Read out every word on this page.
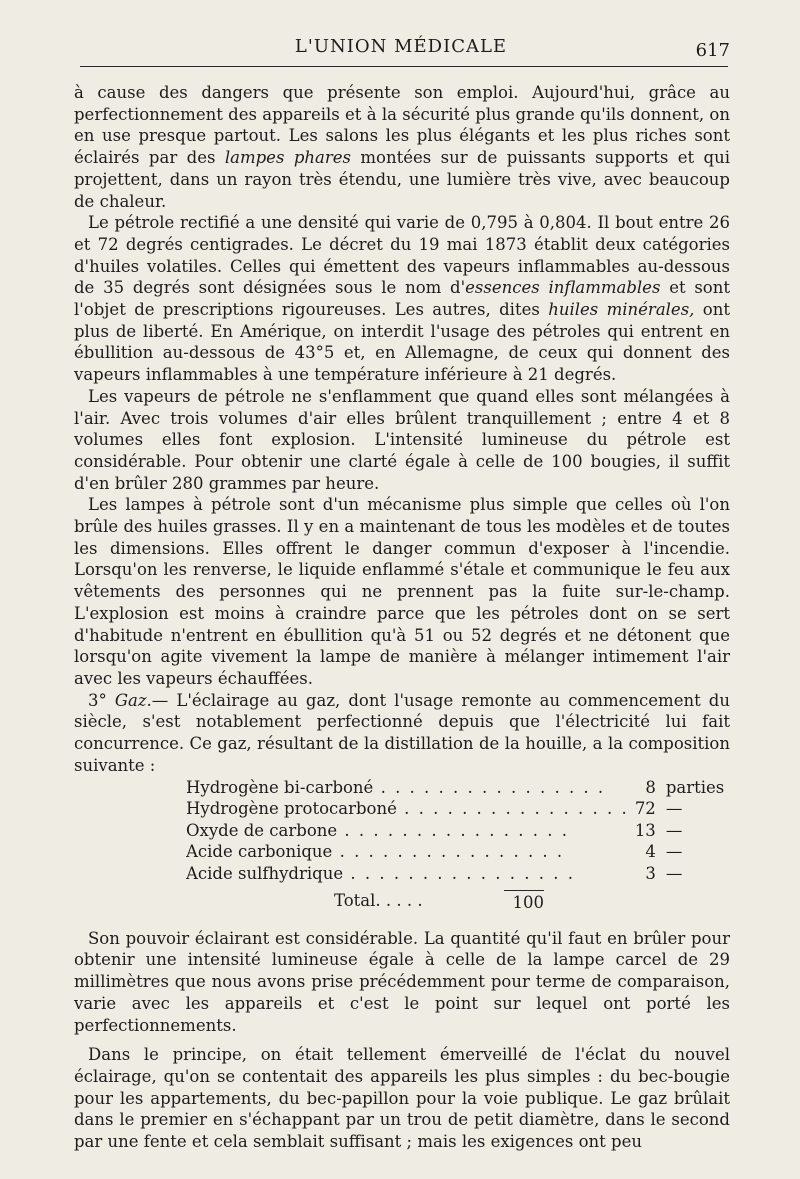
L'UNION MÉDICALE	617

à cause des dangers que présente son emploi. Aujourd'hui, grâce au perfectionnement des appareils et à la sécurité plus grande qu'ils donnent, on en use presque partout. Les salons les plus élégants et les plus riches sont éclairés par des lampes phares montées sur de puissants supports et qui projettent, dans un rayon très étendu, une lumière très vive, avec beaucoup de chaleur.

Le pétrole rectifié a une densité qui varie de 0,795 à 0,804. Il bout entre 26 et 72 degrés centigrades. Le décret du 19 mai 1873 établit deux catégories d'huiles volatiles. Celles qui émettent des vapeurs inflammables au-dessous de 35 degrés sont désignées sous le nom d'essences inflammables et sont l'objet de prescriptions rigoureuses. Les autres, dites huiles minérales, ont plus de liberté. En Amérique, on interdit l'usage des pétroles qui entrent en ébullition au-dessous de 43°5 et, en Allemagne, de ceux qui donnent des vapeurs inflammables à une température inférieure à 21 degrés.

Les vapeurs de pétrole ne s'enflamment que quand elles sont mélangées à l'air. Avec trois volumes d'air elles brûlent tranquillement ; entre 4 et 8 volumes elles font explosion. L'intensité lumineuse du pétrole est considérable. Pour obtenir une clarté égale à celle de 100 bougies, il suffit d'en brûler 280 grammes par heure.

Les lampes à pétrole sont d'un mécanisme plus simple que celles où l'on brûle des huiles grasses. Il y en a maintenant de tous les modèles et de toutes les dimensions. Elles offrent le danger commun d'exposer à l'incendie. Lorsqu'on les renverse, le liquide enflammé s'étale et communique le feu aux vêtements des personnes qui ne prennent pas la fuite sur-le-champ. L'explosion est moins à craindre parce que les pétroles dont on se sert d'habitude n'entrent en ébullition qu'à 51 ou 52 degrés et ne détonent que lorsqu'on agite vivement la lampe de manière à mélanger intimement l'air avec les vapeurs échauffées.

3° Gaz.— L'éclairage au gaz, dont l'usage remonte au commencement du siècle, s'est notablement perfectionné depuis que l'électricité lui fait concurrence. Ce gaz, résultant de la distillation de la houille, a la composition suivante :

Hydrogène bi-carboné . . .	8	parties
Hydrogène protocarboné . . .	72	—
Oxyde de carbone . . .	13	—
Acide carbonique . . .	4	—
Acide sulfhydrique . . .	3	—
Total. . . . .	100

Son pouvoir éclairant est considérable. La quantité qu'il faut en brûler pour obtenir une intensité lumineuse égale à celle de la lampe carcel de 29 millimètres que nous avons prise précédemment pour terme de comparaison, varie avec les appareils et c'est le point sur lequel ont porté les perfectionnements.

Dans le principe, on était tellement émerveillé de l'éclat du nouvel éclairage, qu'on se contentait des appareils les plus simples : du bec-bougie pour les appartements, du bec-papillon pour la voie publique. Le gaz brûlait dans le premier en s'échappant par un trou de petit diamètre, dans le second par une fente et cela semblait suffisant ; mais les exigences ont peu
